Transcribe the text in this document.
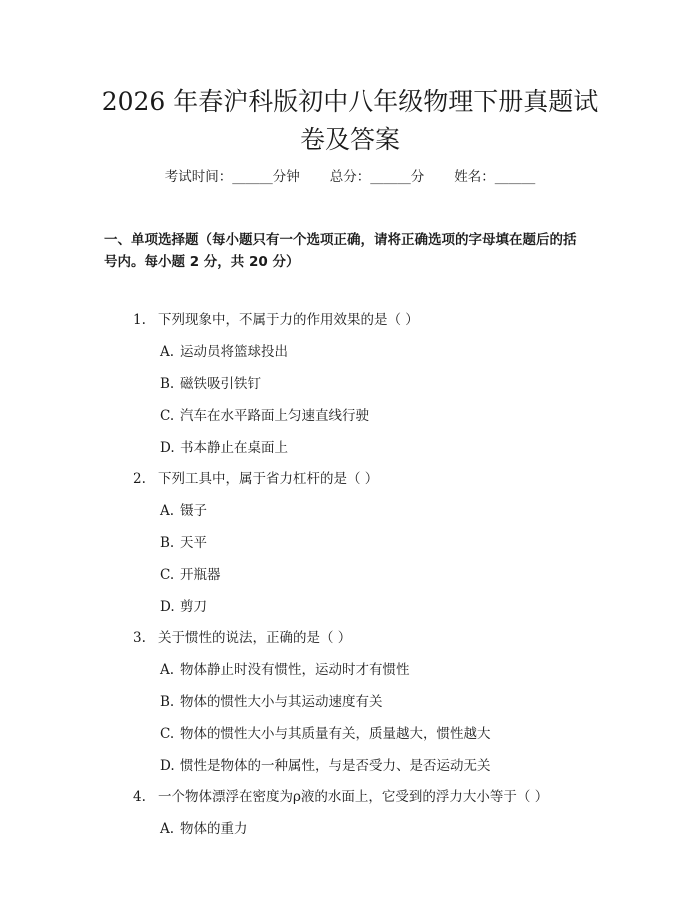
2026 年春沪科版初中八年级物理下册真题试
卷及答案
考试时间：______分钟 总分：______分 姓名：______
一、单项选择题（每小题只有一个选项正确，请将正确选项的字母填在题后的括
号内。每小题 2 分，共 20 分）
1. 下列现象中，不属于力的作用效果的是（ ）
A. 运动员将篮球投出
B. 磁铁吸引铁钉
C. 汽车在水平路面上匀速直线行驶
D. 书本静止在桌面上
2. 下列工具中，属于省力杠杆的是（ ）
A. 镊子
B. 天平
C. 开瓶器
D. 剪刀
3. 关于惯性的说法，正确的是（ ）
A. 物体静止时没有惯性，运动时才有惯性
B. 物体的惯性大小与其运动速度有关
C. 物体的惯性大小与其质量有关，质量越大，惯性越大
D. 惯性是物体的一种属性，与是否受力、是否运动无关
4. 一个物体漂浮在密度为ρ液的水面上，它受到的浮力大小等于（ ）
A. 物体的重力
